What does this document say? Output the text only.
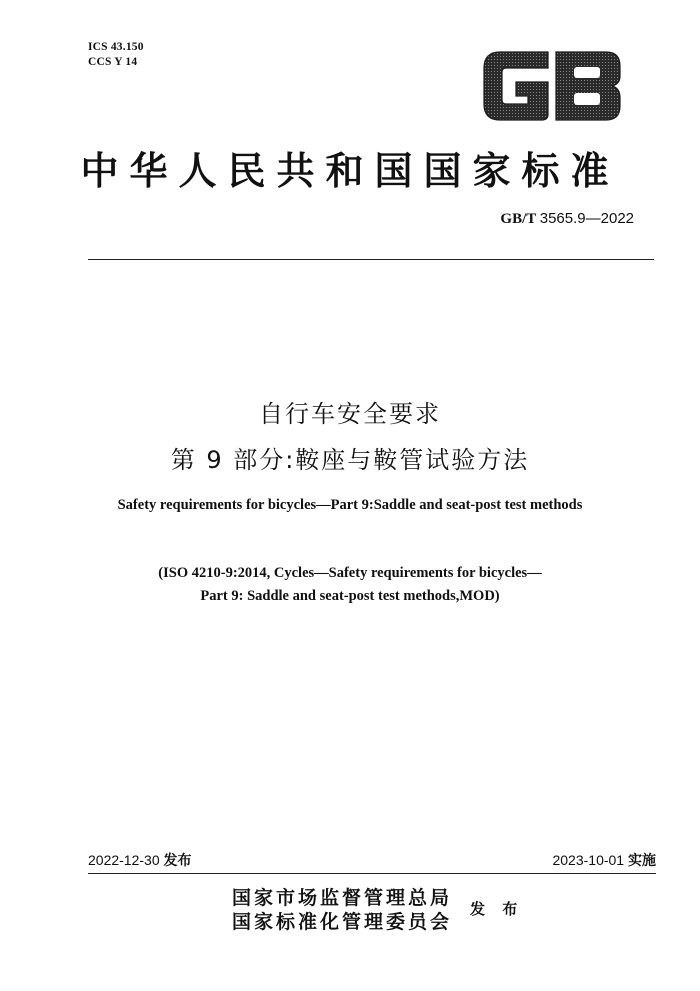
ICS 43.150
CCS Y 14
中华人民共和国国家标准
GB/T 3565.9—2022
自行车安全要求
第 9 部分:鞍座与鞍管试验方法
Safety requirements for bicycles—Part 9:Saddle and seat-post test methods
(ISO 4210-9:2014, Cycles—Safety requirements for bicycles—
Part 9: Saddle and seat-post test methods,MOD)
2022-12-30 发布	2023-10-01 实施
国家市场监督管理总局
国家标准化管理委员会
发 布
